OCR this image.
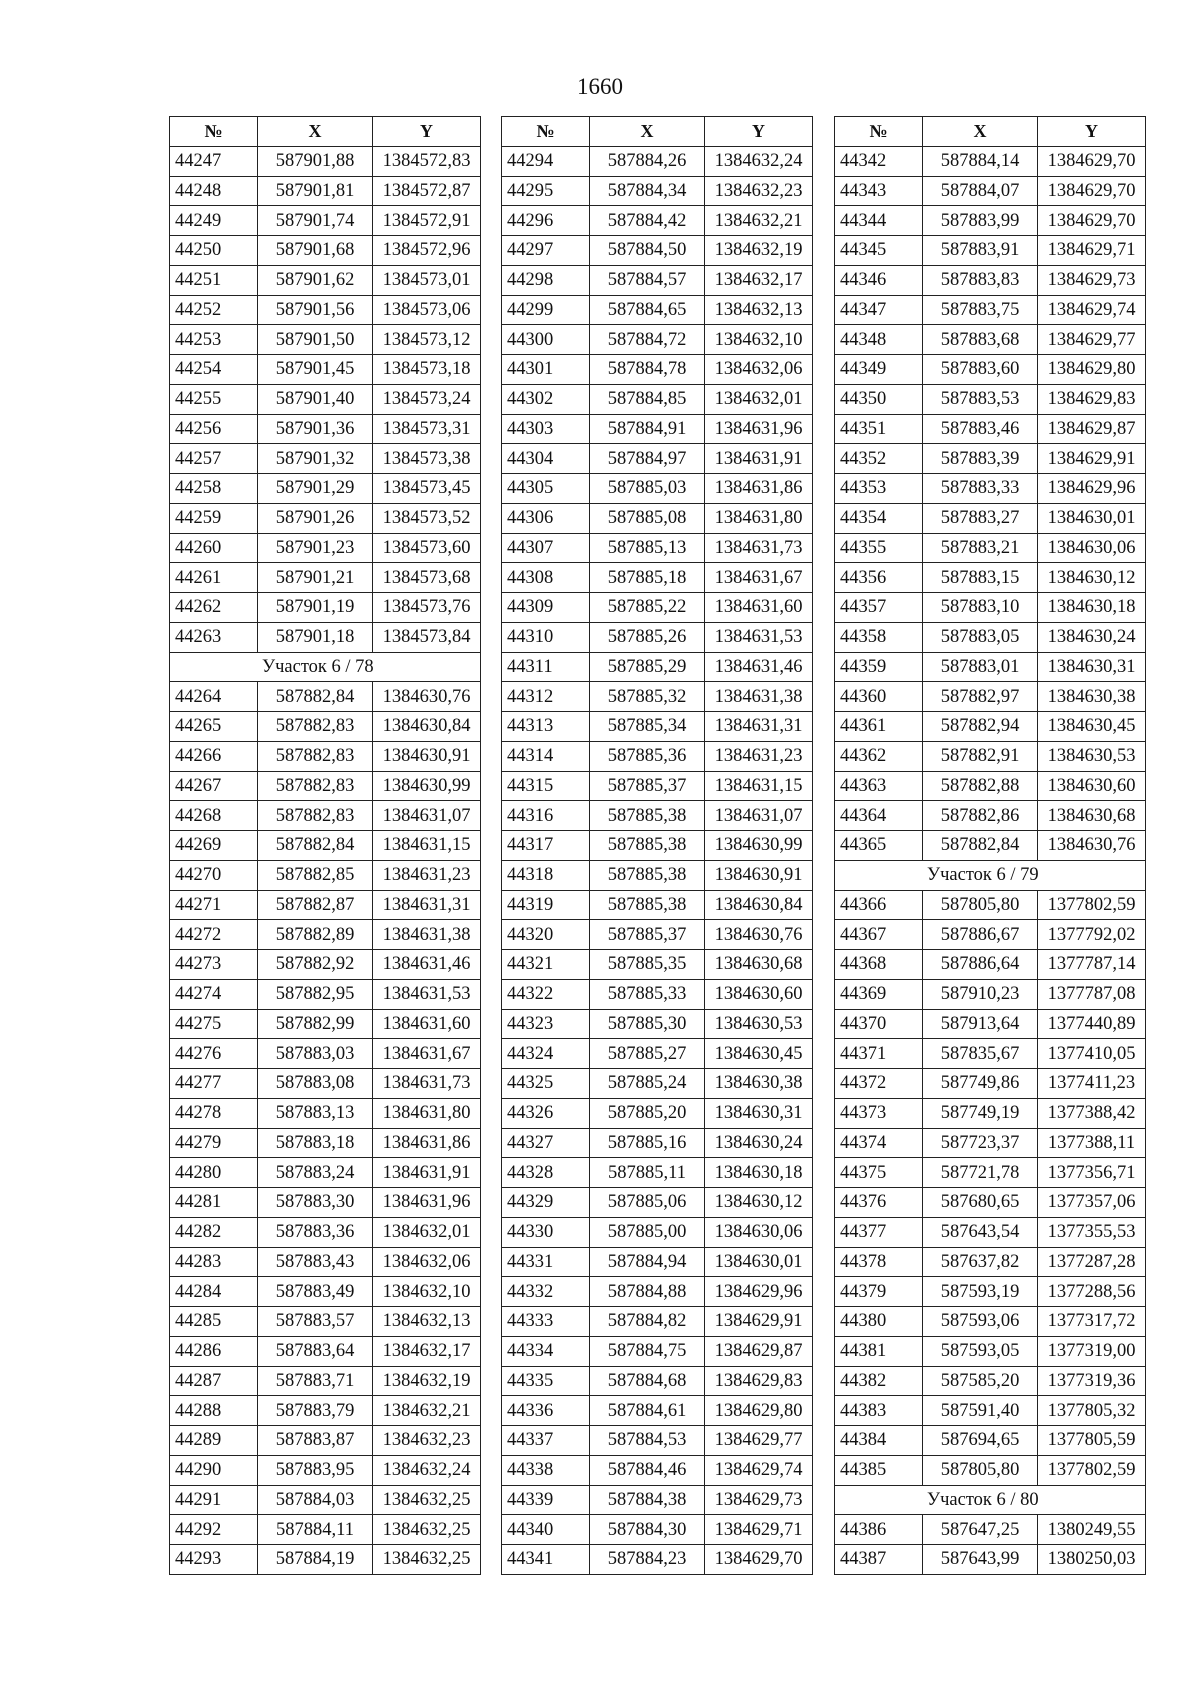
1660
№	X	Y
44247	587901,88	1384572,83
44248	587901,81	1384572,87
44249	587901,74	1384572,91
44250	587901,68	1384572,96
44251	587901,62	1384573,01
44252	587901,56	1384573,06
44253	587901,50	1384573,12
44254	587901,45	1384573,18
44255	587901,40	1384573,24
44256	587901,36	1384573,31
44257	587901,32	1384573,38
44258	587901,29	1384573,45
44259	587901,26	1384573,52
44260	587901,23	1384573,60
44261	587901,21	1384573,68
44262	587901,19	1384573,76
44263	587901,18	1384573,84
Участок 6 / 78		
44264	587882,84	1384630,76
44265	587882,83	1384630,84
44266	587882,83	1384630,91
44267	587882,83	1384630,99
44268	587882,83	1384631,07
44269	587882,84	1384631,15
44270	587882,85	1384631,23
44271	587882,87	1384631,31
44272	587882,89	1384631,38
44273	587882,92	1384631,46
44274	587882,95	1384631,53
44275	587882,99	1384631,60
44276	587883,03	1384631,67
44277	587883,08	1384631,73
44278	587883,13	1384631,80
44279	587883,18	1384631,86
44280	587883,24	1384631,91
44281	587883,30	1384631,96
44282	587883,36	1384632,01
44283	587883,43	1384632,06
44284	587883,49	1384632,10
44285	587883,57	1384632,13
44286	587883,64	1384632,17
44287	587883,71	1384632,19
44288	587883,79	1384632,21
44289	587883,87	1384632,23
44290	587883,95	1384632,24
44291	587884,03	1384632,25
44292	587884,11	1384632,25
44293	587884,19	1384632,25
№	X	Y
44294	587884,26	1384632,24
44295	587884,34	1384632,23
44296	587884,42	1384632,21
44297	587884,50	1384632,19
44298	587884,57	1384632,17
44299	587884,65	1384632,13
44300	587884,72	1384632,10
44301	587884,78	1384632,06
44302	587884,85	1384632,01
44303	587884,91	1384631,96
44304	587884,97	1384631,91
44305	587885,03	1384631,86
44306	587885,08	1384631,80
44307	587885,13	1384631,73
44308	587885,18	1384631,67
44309	587885,22	1384631,60
44310	587885,26	1384631,53
44311	587885,29	1384631,46
44312	587885,32	1384631,38
44313	587885,34	1384631,31
44314	587885,36	1384631,23
44315	587885,37	1384631,15
44316	587885,38	1384631,07
44317	587885,38	1384630,99
44318	587885,38	1384630,91
44319	587885,38	1384630,84
44320	587885,37	1384630,76
44321	587885,35	1384630,68
44322	587885,33	1384630,60
44323	587885,30	1384630,53
44324	587885,27	1384630,45
44325	587885,24	1384630,38
44326	587885,20	1384630,31
44327	587885,16	1384630,24
44328	587885,11	1384630,18
44329	587885,06	1384630,12
44330	587885,00	1384630,06
44331	587884,94	1384630,01
44332	587884,88	1384629,96
44333	587884,82	1384629,91
44334	587884,75	1384629,87
44335	587884,68	1384629,83
44336	587884,61	1384629,80
44337	587884,53	1384629,77
44338	587884,46	1384629,74
44339	587884,38	1384629,73
44340	587884,30	1384629,71
44341	587884,23	1384629,70
№	X	Y
44342	587884,14	1384629,70
44343	587884,07	1384629,70
44344	587883,99	1384629,70
44345	587883,91	1384629,71
44346	587883,83	1384629,73
44347	587883,75	1384629,74
44348	587883,68	1384629,77
44349	587883,60	1384629,80
44350	587883,53	1384629,83
44351	587883,46	1384629,87
44352	587883,39	1384629,91
44353	587883,33	1384629,96
44354	587883,27	1384630,01
44355	587883,21	1384630,06
44356	587883,15	1384630,12
44357	587883,10	1384630,18
44358	587883,05	1384630,24
44359	587883,01	1384630,31
44360	587882,97	1384630,38
44361	587882,94	1384630,45
44362	587882,91	1384630,53
44363	587882,88	1384630,60
44364	587882,86	1384630,68
44365	587882,84	1384630,76
Участок 6 / 79		
44366	587805,80	1377802,59
44367	587886,67	1377792,02
44368	587886,64	1377787,14
44369	587910,23	1377787,08
44370	587913,64	1377440,89
44371	587835,67	1377410,05
44372	587749,86	1377411,23
44373	587749,19	1377388,42
44374	587723,37	1377388,11
44375	587721,78	1377356,71
44376	587680,65	1377357,06
44377	587643,54	1377355,53
44378	587637,82	1377287,28
44379	587593,19	1377288,56
44380	587593,06	1377317,72
44381	587593,05	1377319,00
44382	587585,20	1377319,36
44383	587591,40	1377805,32
44384	587694,65	1377805,59
44385	587805,80	1377802,59
Участок 6 / 80		
44386	587647,25	1380249,55
44387	587643,99	1380250,03
